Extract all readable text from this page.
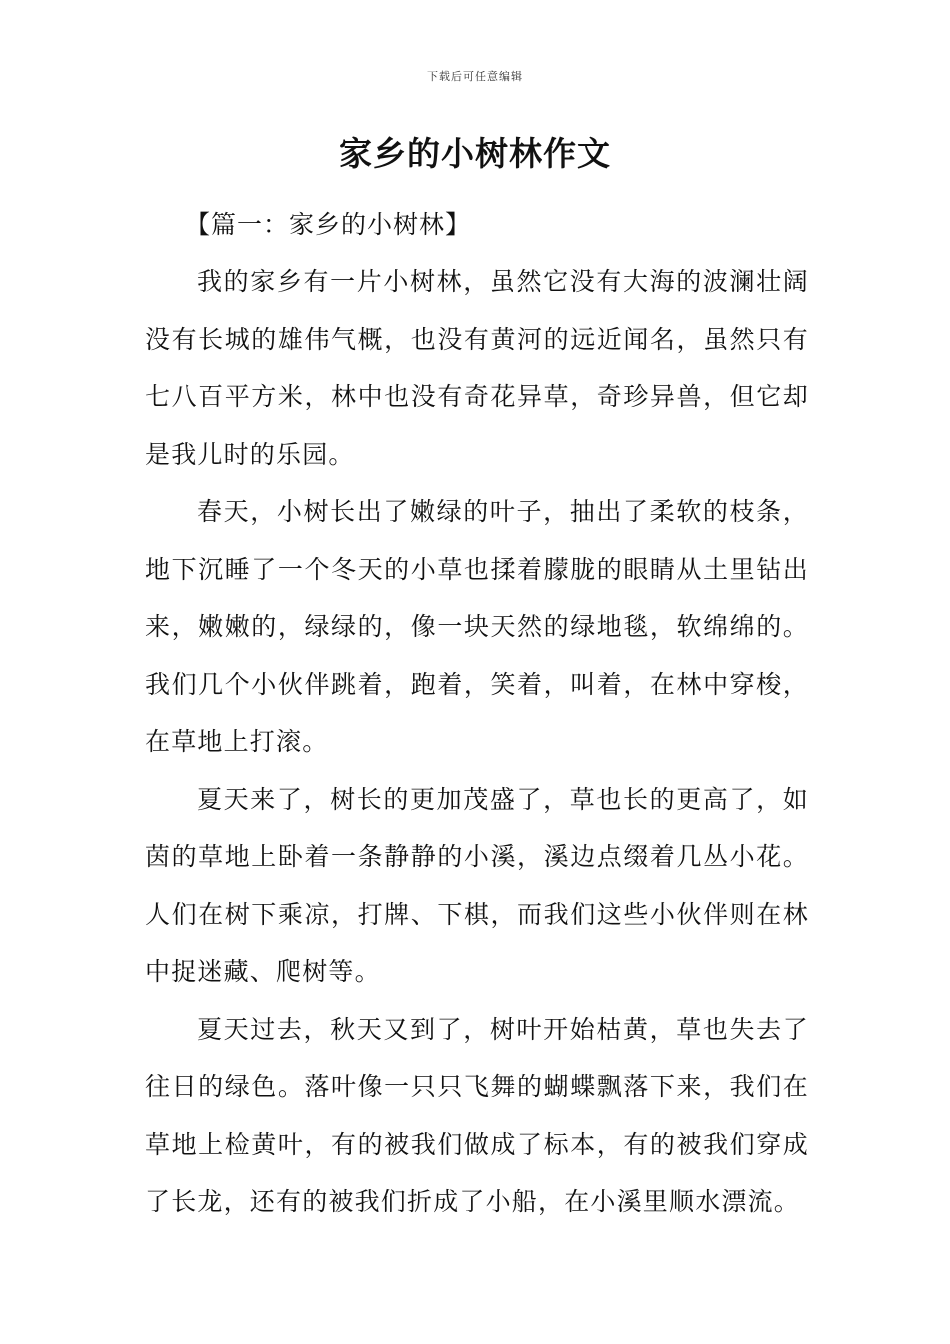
下载后可任意编辑
家乡的小树林作文

【篇一：家乡的小树林】

我的家乡有一片小树林，虽然它没有大海的波澜壮阔没有长城的雄伟气概，也没有黄河的远近闻名，虽然只有七八百平方米，林中也没有奇花异草，奇珍异兽，但它却是我儿时的乐园。

春天，小树长出了嫩绿的叶子，抽出了柔软的枝条，地下沉睡了一个冬天的小草也揉着朦胧的眼睛从土里钻出来，嫩嫩的，绿绿的，像一块天然的绿地毯，软绵绵的。我们几个小伙伴跳着，跑着，笑着，叫着，在林中穿梭，在草地上打滚。

夏天来了，树长的更加茂盛了，草也长的更高了，如茵的草地上卧着一条静静的小溪，溪边点缀着几丛小花。人们在树下乘凉，打牌、下棋，而我们这些小伙伴则在林中捉迷藏、爬树等。

夏天过去，秋天又到了，树叶开始枯黄，草也失去了往日的绿色。落叶像一只只飞舞的蝴蝶飘落下来，我们在草地上检黄叶，有的被我们做成了标本，有的被我们穿成了长龙，还有的被我们折成了小船，在小溪里顺水漂流。
